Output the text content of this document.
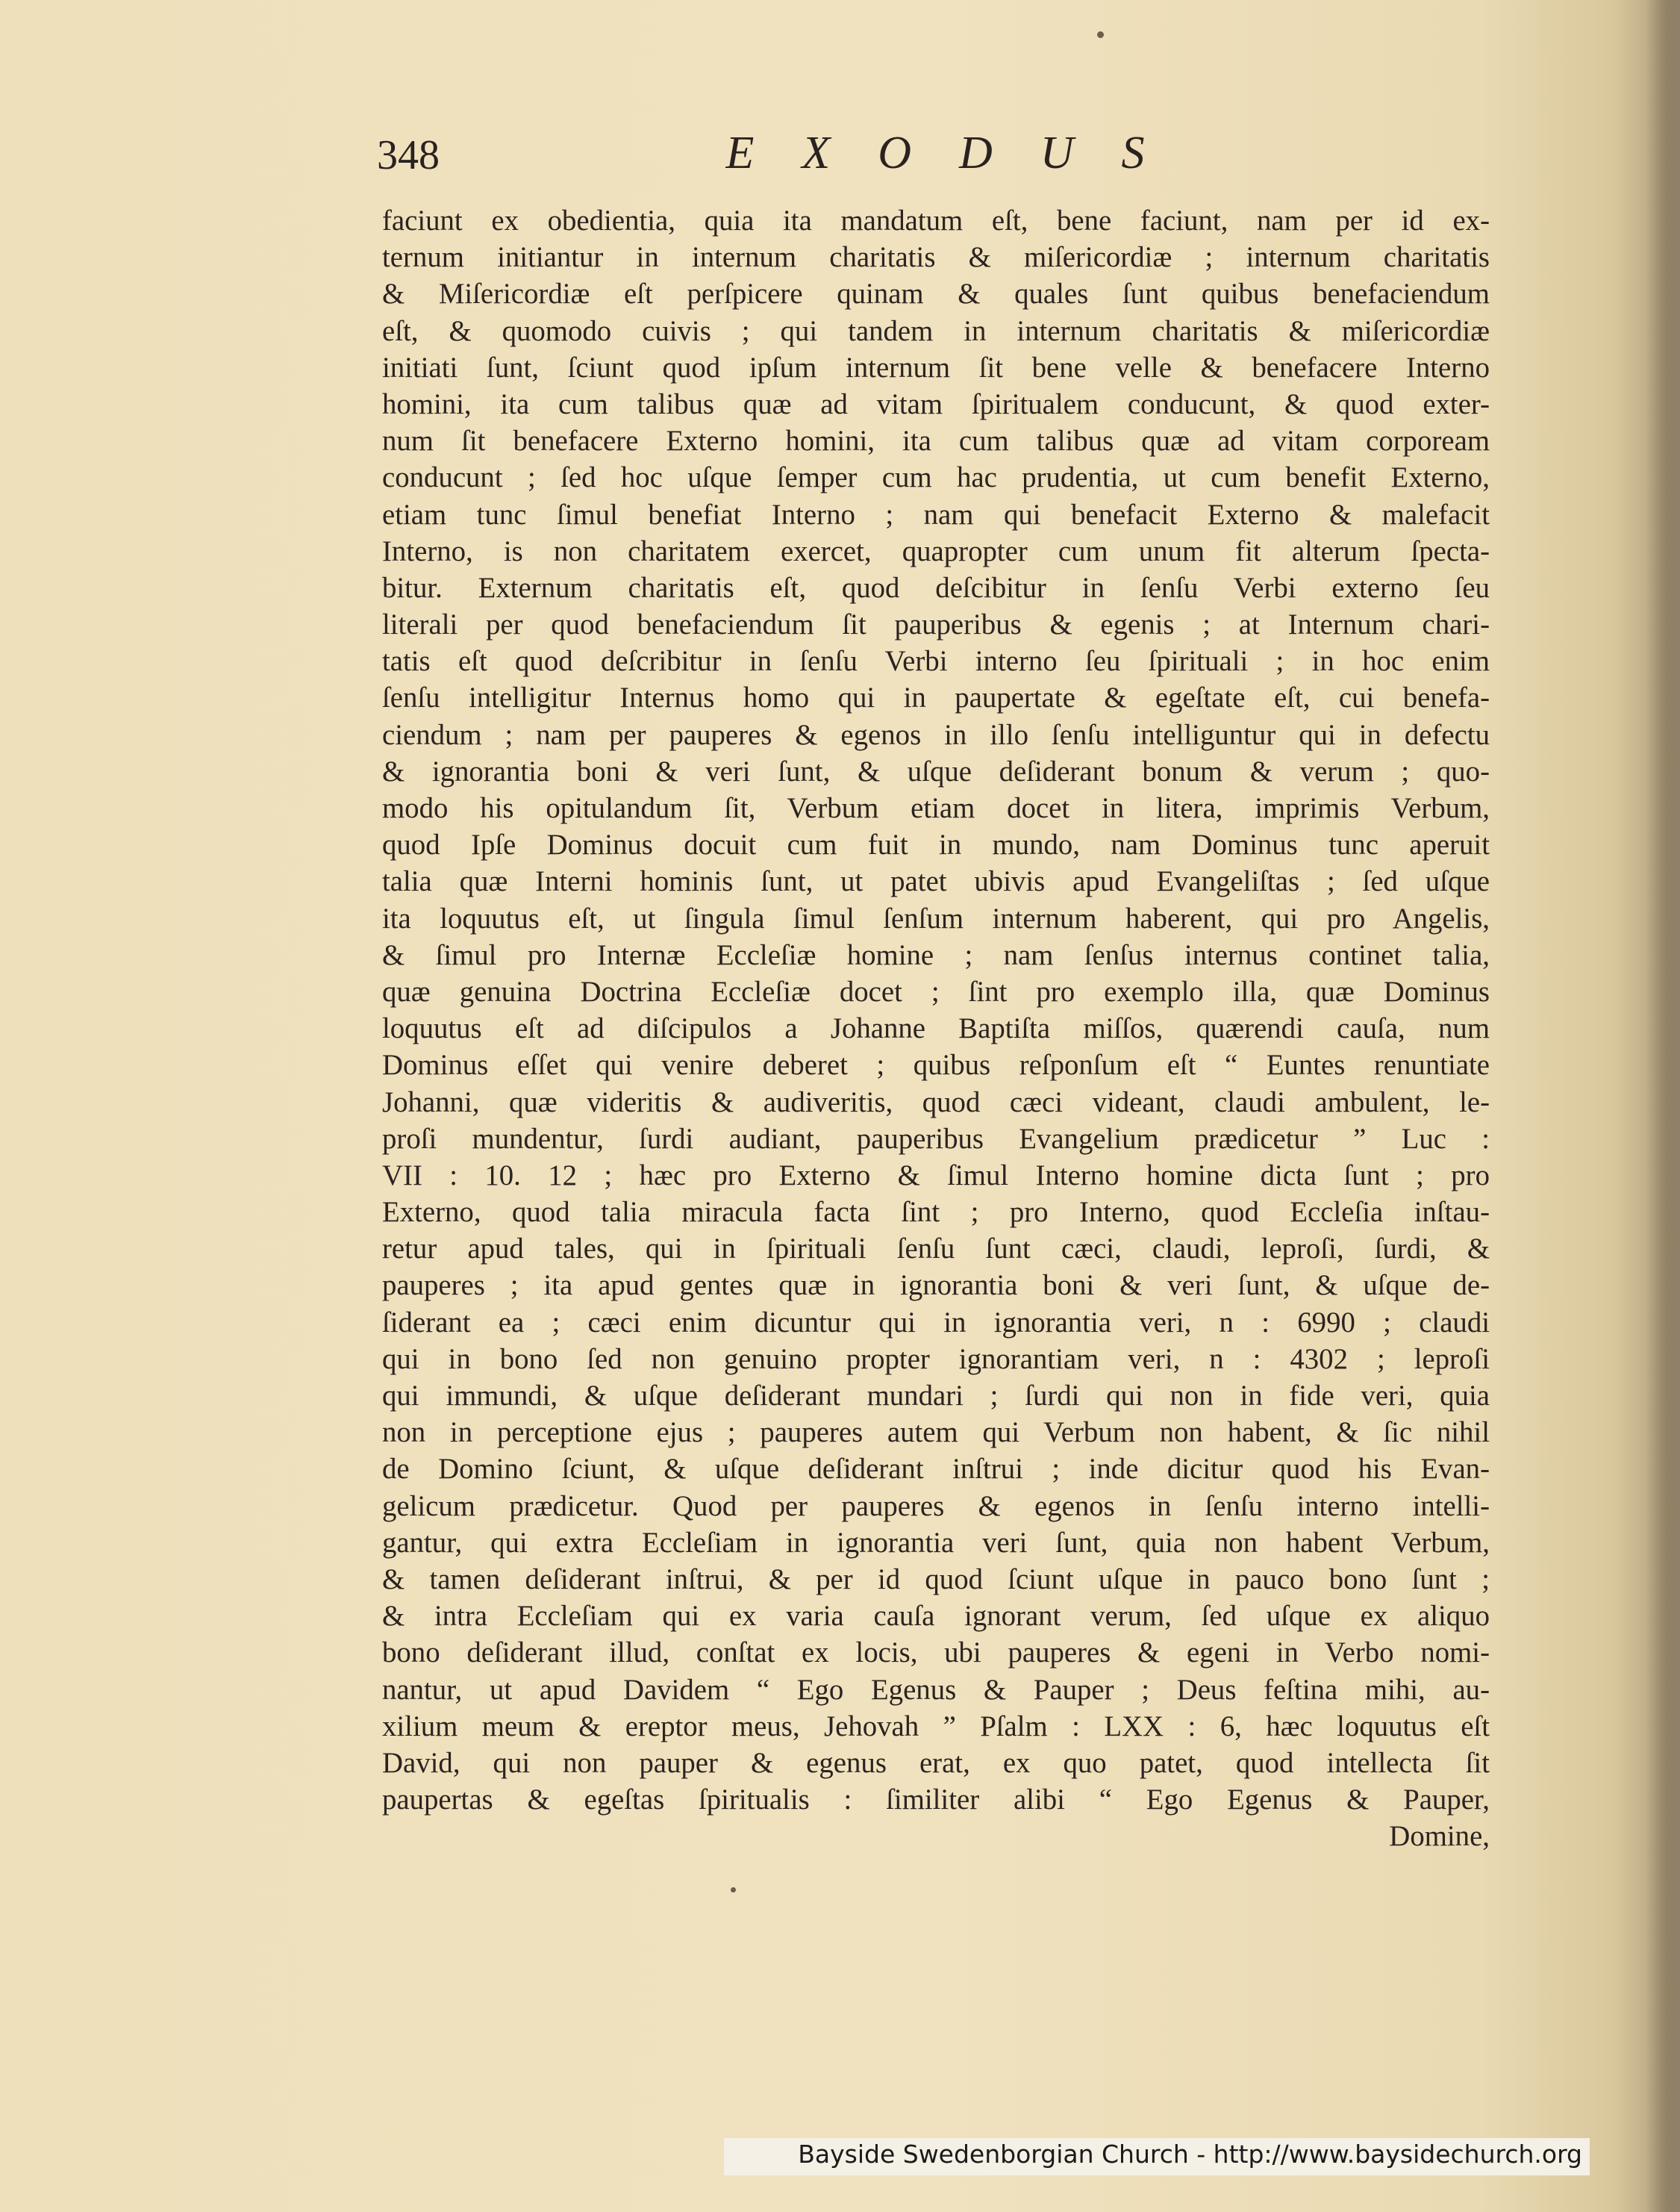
348	EXODUS
faciunt ex obedientia, quia ita mandatum eſt, bene faciunt, nam per id ex-
ternum initiantur in internum charitatis & miſericordiæ ; internum charitatis
& Miſericordiæ eſt perſpicere quinam & quales ſunt quibus benefaciendum
eſt, & quomodo cuivis ; qui tandem in internum charitatis & miſericordiæ
initiati ſunt, ſciunt quod ipſum internum ſit bene velle & benefacere Interno
homini, ita cum talibus quæ ad vitam ſpiritualem conducunt, & quod exter-
num ſit benefacere Externo homini, ita cum talibus quæ ad vitam corpoream
conducunt ; ſed hoc uſque ſemper cum hac prudentia, ut cum benefit Externo,
etiam tunc ſimul benefiat Interno ; nam qui benefacit Externo & malefacit
Interno, is non charitatem exercet, quapropter cum unum fit alterum ſpecta-
bitur. Externum charitatis eſt, quod deſcibitur in ſenſu Verbi externo ſeu
literali per quod benefaciendum ſit pauperibus & egenis ; at Internum chari-
tatis eſt quod deſcribitur in ſenſu Verbi interno ſeu ſpirituali ; in hoc enim
ſenſu intelligitur Internus homo qui in paupertate & egeſtate eſt, cui benefa-
ciendum ; nam per pauperes & egenos in illo ſenſu intelliguntur qui in defectu
& ignorantia boni & veri ſunt, & uſque deſiderant bonum & verum ; quo-
modo his opitulandum ſit, Verbum etiam docet in litera, imprimis Verbum,
quod Ipſe Dominus docuit cum fuit in mundo, nam Dominus tunc aperuit
talia quæ Interni hominis ſunt, ut patet ubivis apud Evangeliſtas ; ſed uſque
ita loquutus eſt, ut ſingula ſimul ſenſum internum haberent, qui pro Angelis,
& ſimul pro Internæ Eccleſiæ homine ; nam ſenſus internus continet talia,
quæ genuina Doctrina Eccleſiæ docet ; ſint pro exemplo illa, quæ Dominus
loquutus eſt ad diſcipulos a Johanne Baptiſta miſſos, quærendi cauſa, num
Dominus eſſet qui venire deberet ; quibus reſponſum eſt “ Euntes renuntiate
Johanni, quæ videritis & audiveritis, quod cæci videant, claudi ambulent, le-
proſi mundentur, ſurdi audiant, pauperibus Evangelium prædicetur ” Luc :
VII : 10. 12 ; hæc pro Externo & ſimul Interno homine dicta ſunt ; pro
Externo, quod talia miracula facta ſint ; pro Interno, quod Eccleſia inſtau-
retur apud tales, qui in ſpirituali ſenſu ſunt cæci, claudi, leproſi, ſurdi, &
pauperes ; ita apud gentes quæ in ignorantia boni & veri ſunt, & uſque de-
ſiderant ea ; cæci enim dicuntur qui in ignorantia veri, n : 6990 ; claudi
qui in bono ſed non genuino propter ignorantiam veri, n : 4302 ; leproſi
qui immundi, & uſque deſiderant mundari ; ſurdi qui non in fide veri, quia
non in perceptione ejus ; pauperes autem qui Verbum non habent, & ſic nihil
de Domino ſciunt, & uſque deſiderant inſtrui ; inde dicitur quod his Evan-
gelicum prædicetur. Quod per pauperes & egenos in ſenſu interno intelli-
gantur, qui extra Eccleſiam in ignorantia veri ſunt, quia non habent Verbum,
& tamen deſiderant inſtrui, & per id quod ſciunt uſque in pauco bono ſunt ;
& intra Eccleſiam qui ex varia cauſa ignorant verum, ſed uſque ex aliquo
bono deſiderant illud, conſtat ex locis, ubi pauperes & egeni in Verbo nomi-
nantur, ut apud Davidem “ Ego Egenus & Pauper ; Deus feſtina mihi, au-
xilium meum & ereptor meus, Jehovah ” Pſalm : LXX : 6, hæc loquutus eſt
David, qui non pauper & egenus erat, ex quo patet, quod intellecta ſit
paupertas & egeſtas ſpiritualis : ſimiliter alibi “ Ego Egenus & Pauper,
Domine,
Bayside Swedenborgian Church - http://www.baysidechurch.org
